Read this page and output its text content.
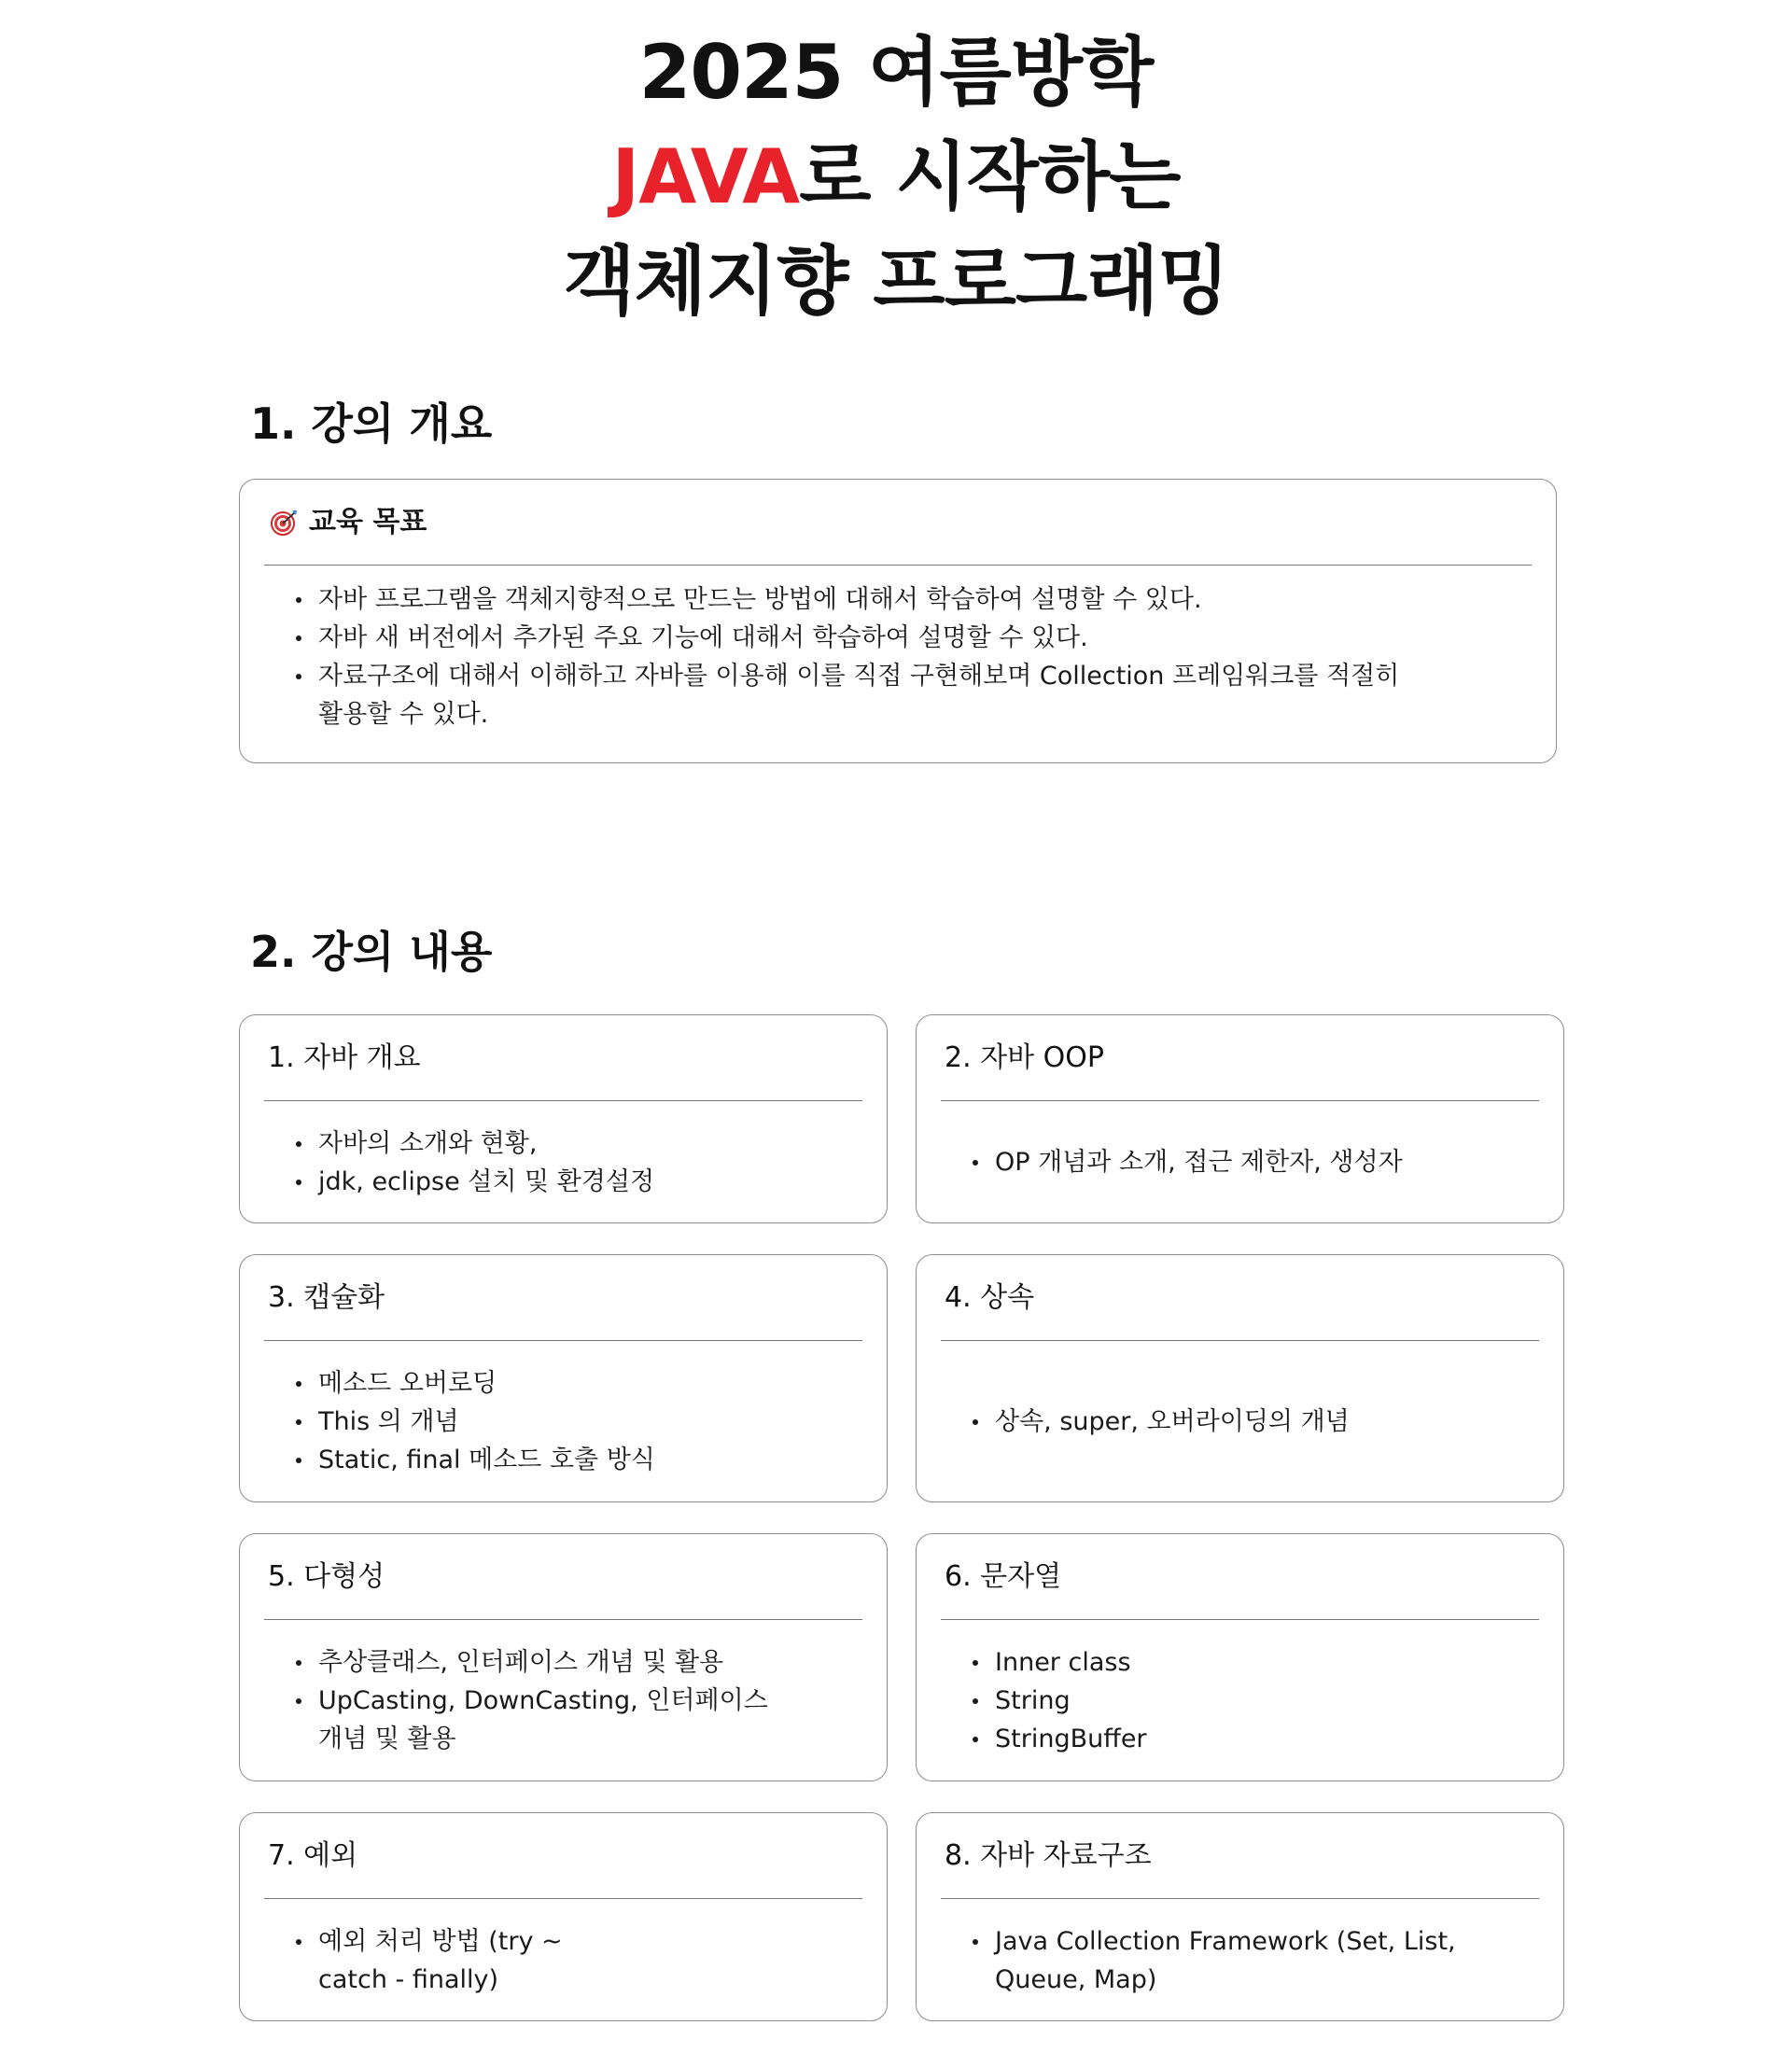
2025 여름방학
JAVA로 시작하는
객체지향 프로그래밍
1. 강의 개요
교육 목표
자바 프로그램을 객체지향적으로 만드는 방법에 대해서 학습하여 설명할 수 있다.
자바 새 버전에서 추가된 주요 기능에 대해서 학습하여 설명할 수 있다.
자료구조에 대해서 이해하고 자바를 이용해 이를 직접 구현해보며 Collection 프레임워크를 적절히 활용할 수 있다.
2. 강의 내용
1. 자바 개요
자바의 소개와 현황,
jdk, eclipse 설치 및 환경설정
2. 자바 OOP
OP 개념과 소개, 접근 제한자, 생성자
3. 캡슐화
메소드 오버로딩
This 의 개념
Static, final 메소드 호출 방식
4. 상속
상속, super, 오버라이딩의 개념
5. 다형성
추상클래스, 인터페이스 개념 및 활용
UpCasting, DownCasting, 인터페이스 개념 및 활용
6. 문자열
Inner class
String
StringBuffer
7. 예외
예외 처리 방법 (try ~ catch - finally)
8. 자바 자료구조
Java Collection Framework (Set, List, Queue, Map)
